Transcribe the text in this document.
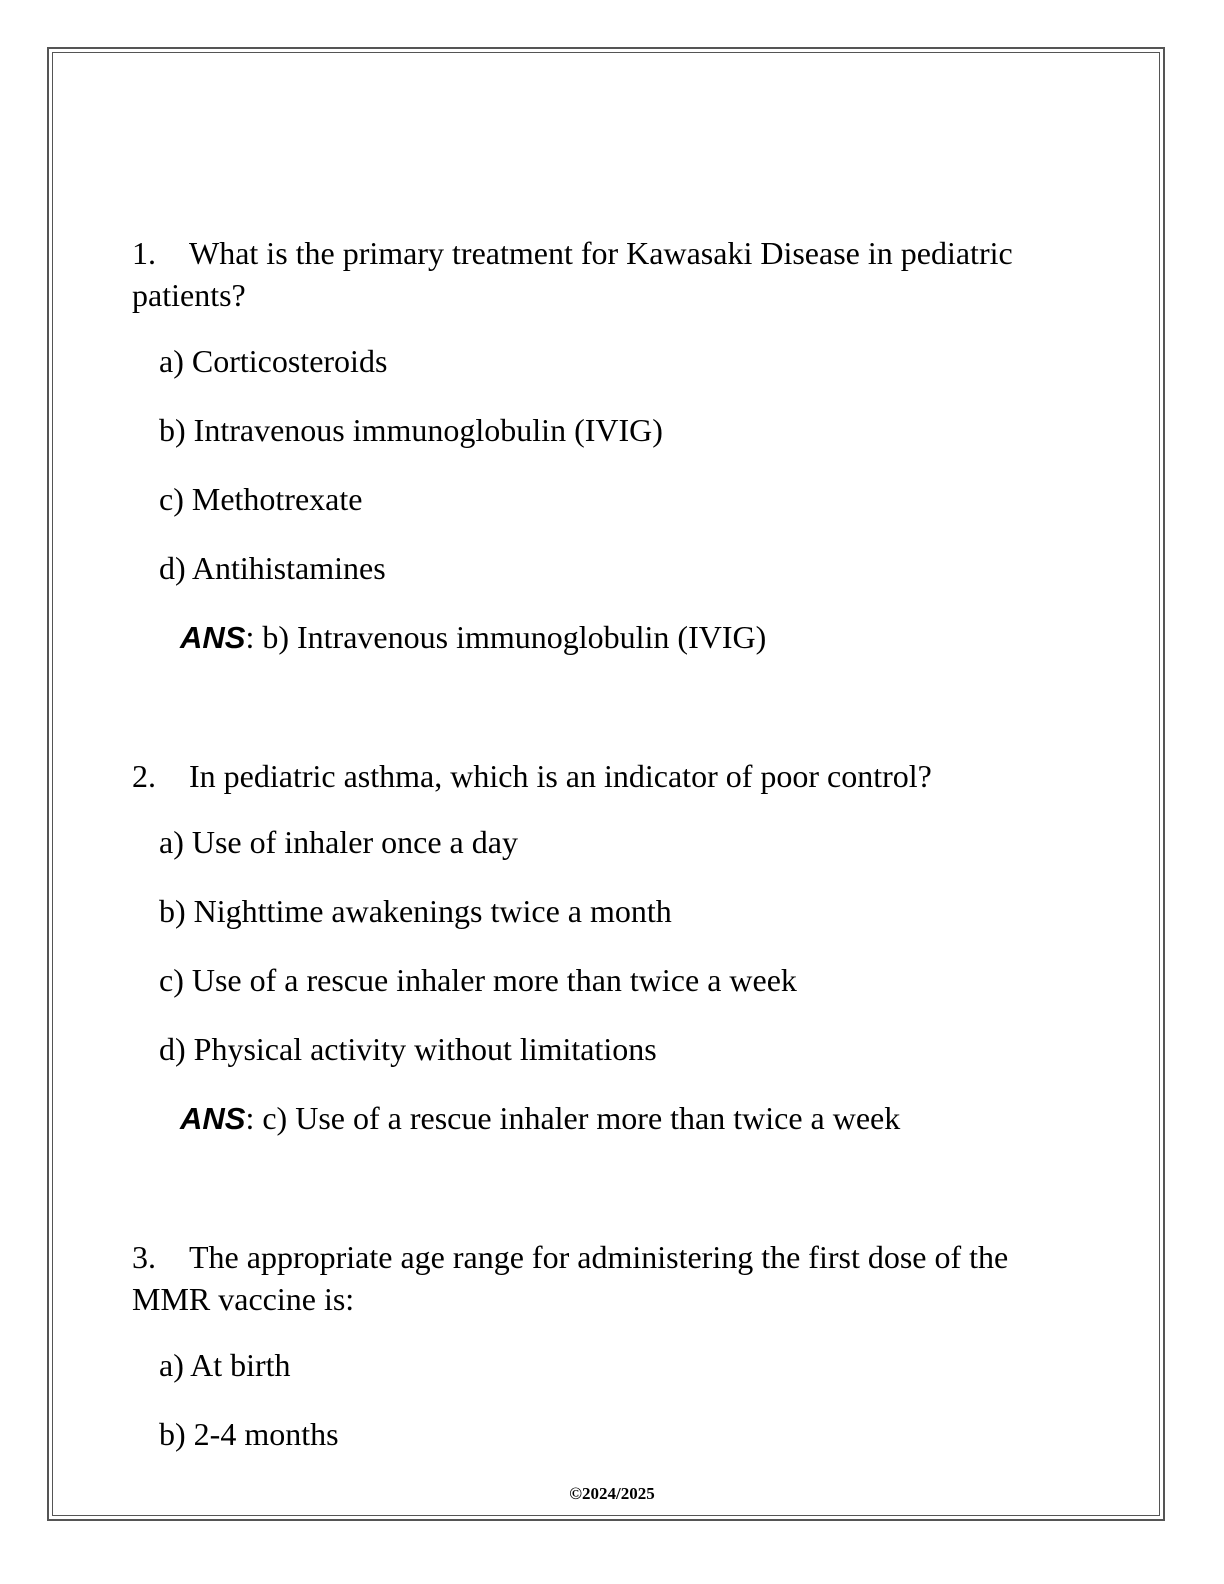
1. What is the primary treatment for Kawasaki Disease in pediatric patients?

a) Corticosteroids

b) Intravenous immunoglobulin (IVIG)

c) Methotrexate

d) Antihistamines

ANS: b) Intravenous immunoglobulin (IVIG)

2. In pediatric asthma, which is an indicator of poor control?

a) Use of inhaler once a day

b) Nighttime awakenings twice a month

c) Use of a rescue inhaler more than twice a week

d) Physical activity without limitations

ANS: c) Use of a rescue inhaler more than twice a week

3. The appropriate age range for administering the first dose of the MMR vaccine is:

a) At birth

b) 2-4 months

©2024/2025
